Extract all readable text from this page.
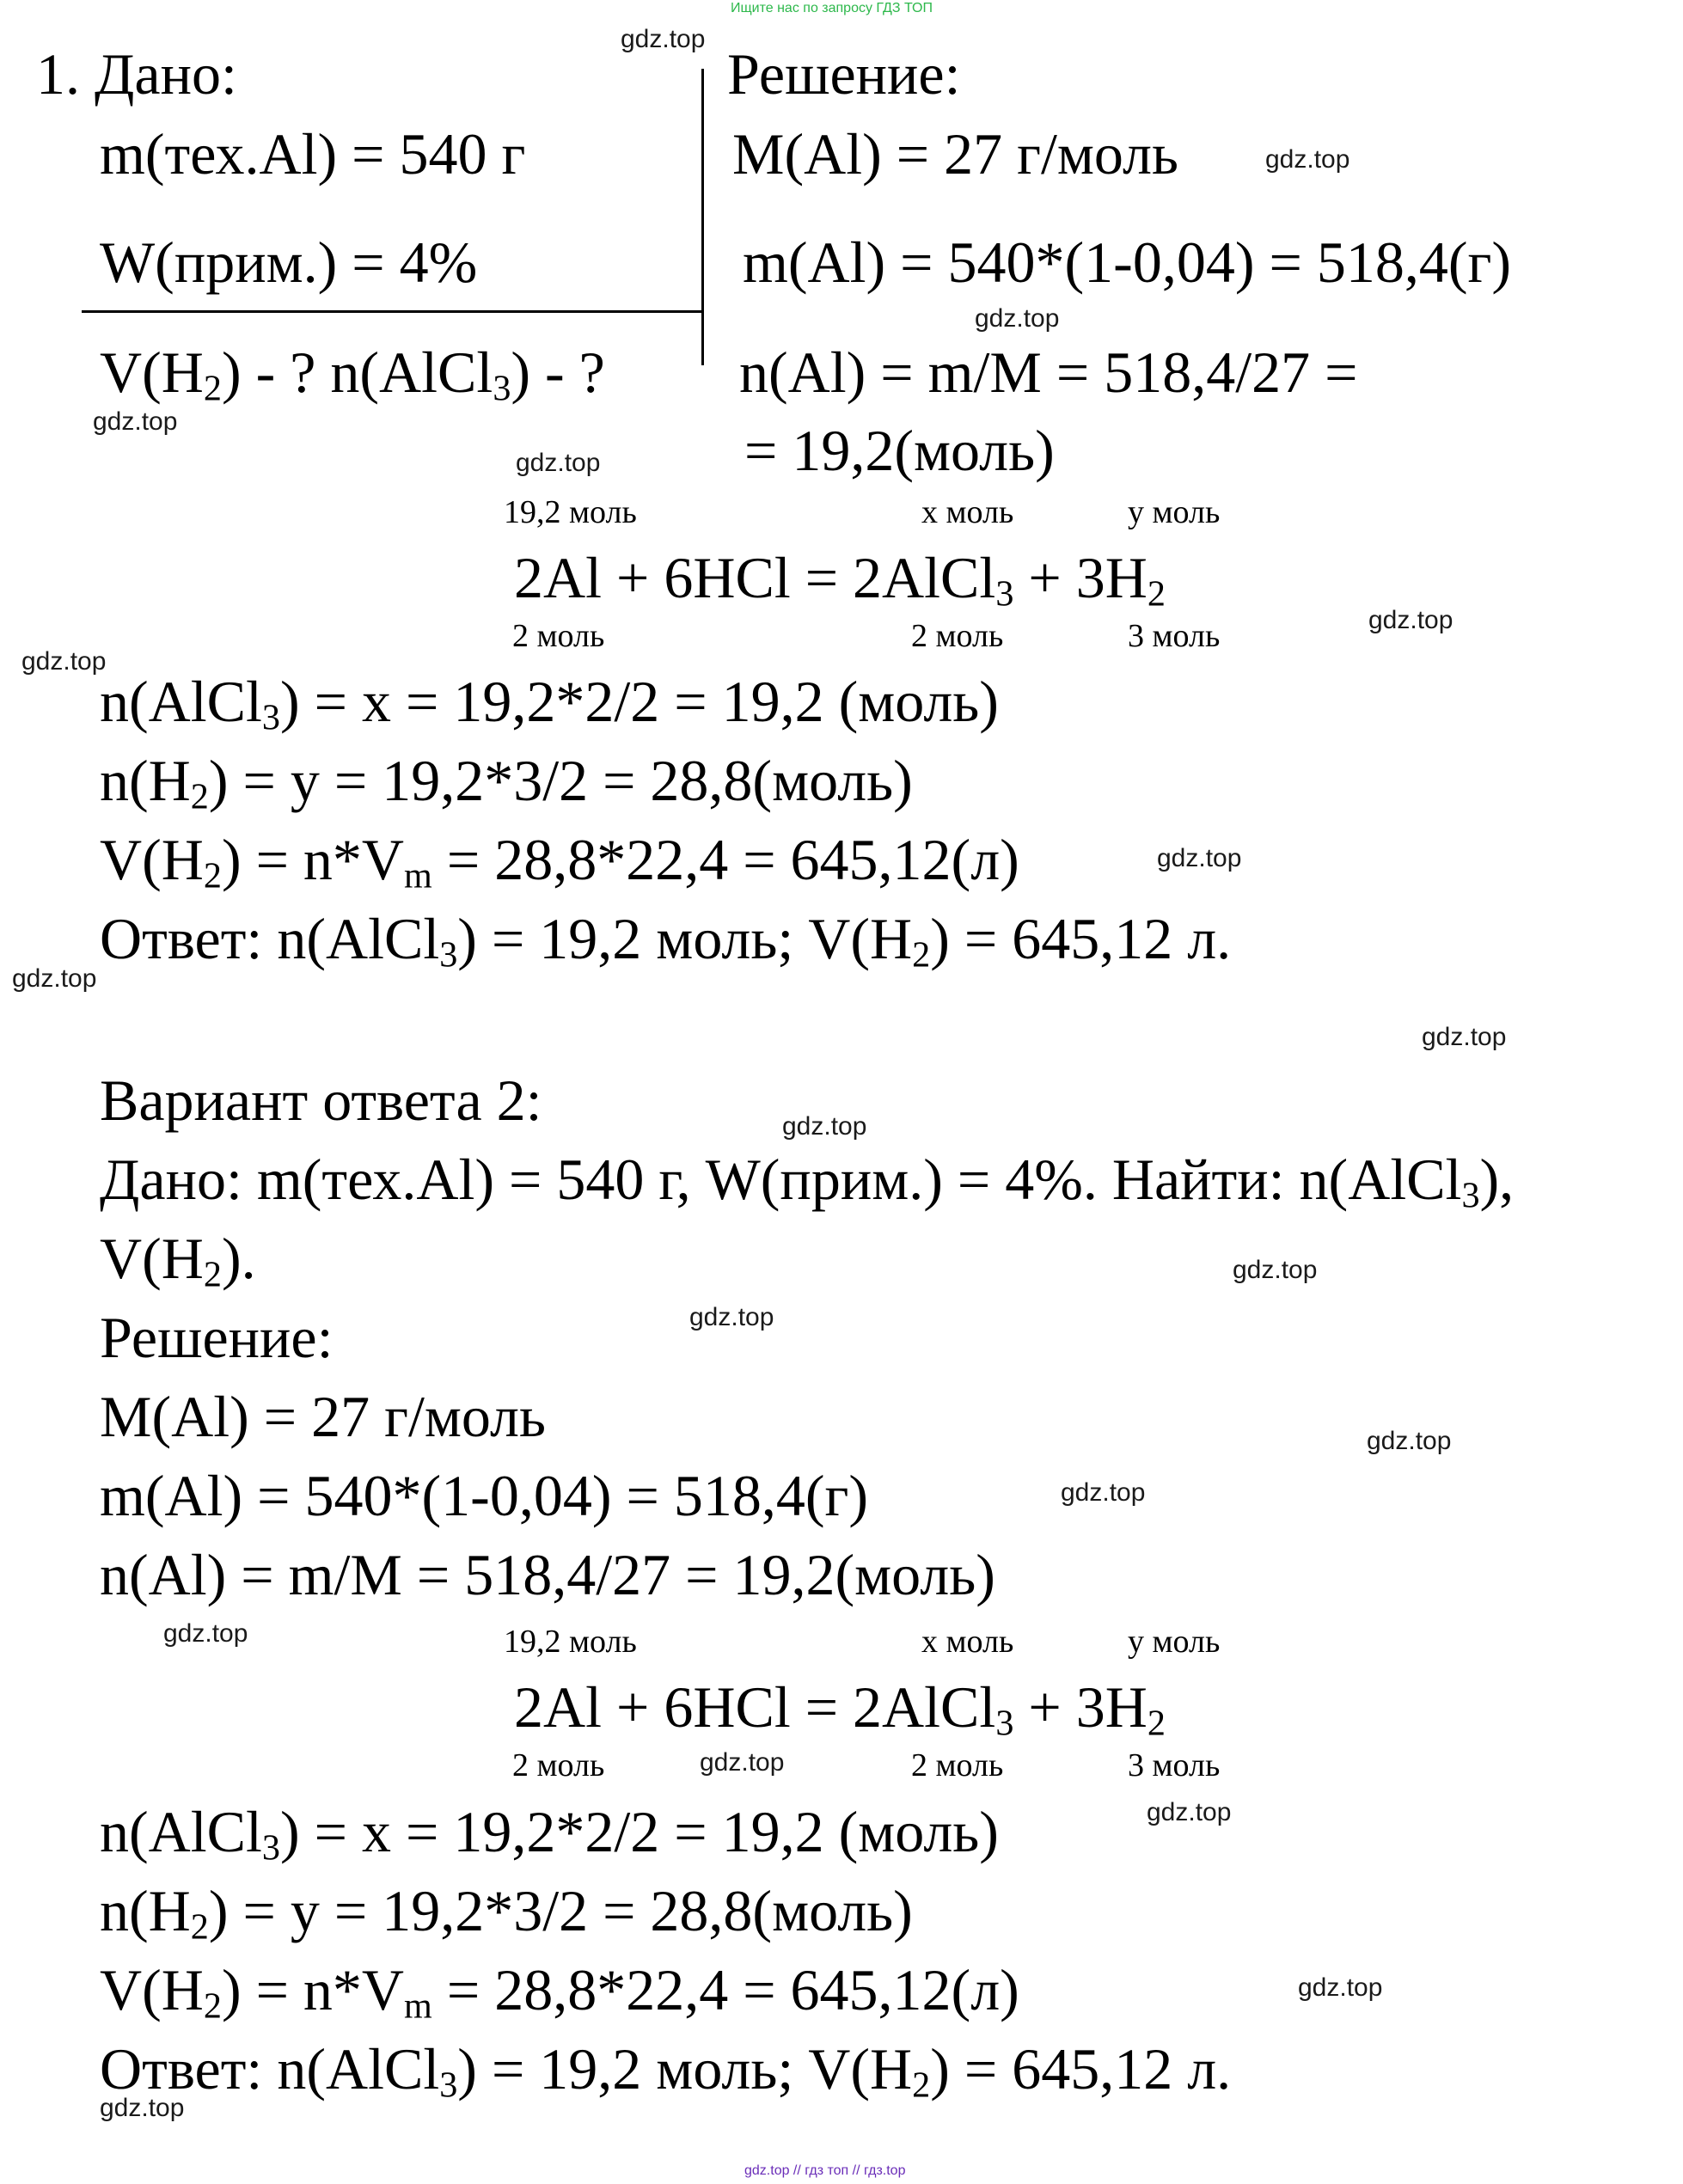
Ищите нас по запросу ГДЗ ТОП
1. Дано:	Решение:
m(тех.Al) = 540 г
W(прим.) = 4%
$V(H_2)$ - ? n(AlCl$_3$) - ?
M(Al) = 27 г/моль
m(Al) = 540*(1-0,04) = 518,4(г)
n(Al) = m/M = 518,4/27 =
= 19,2(моль)
19,2 моль	x моль	y моль
2Al + 6HCl = 2AlCl$_3$ + $3H_2$
2 моль	2 моль	3 моль
n(AlCl$_3$) = x = 19,2*2/2 = 19,2 (моль)
$n(H_2) = y = 19,2*3/2$ = 28,8(моль)
$V(H_2) = n*V_m = 28,8*22,4 = 645,12(л)$
Ответ: n(AlCl$_3$) = 19,2 моль; $V(H_2) = 645,12$ л.
Вариант ответа 2:
Дано: m(тех.Al) = 540 г, W(прим.) = 4%. Найти: n(AlCl$_3$),
$V(H_2)$.
Решение:
M(Al) = 27 г/моль
m(Al) = 540*(1-0,04) = 518,4(г)
n(Al) = m/M = 518,4/27 = 19,2(моль)
19,2 моль	x моль	y моль
2Al + 6HCl = 2AlCl$_3$ + $3H_2$
2 моль	2 моль	3 моль
n(AlCl$_3$) = x = 19,2*2/2 = 19,2 (моль)
$n(H_2) = y = 19,2*3/2$ = 28,8(моль)
$V(H_2) = n*V_m = 28,8*22,4 = 645,12(л)$
Ответ: n(AlCl$_3$) = 19,2 моль; $V(H_2) = 645,12$ л.
gdz.top
gdz.top
gdz.top
gdz.top
gdz.top
gdz.top
gdz.top
gdz.top
gdz.top
gdz.top
gdz.top
gdz.top
gdz.top
gdz.top
gdz.top
gdz.top
gdz.top
gdz.top
gdz.top
gdz.top
gdz.top // гдз топ // гдз.top
